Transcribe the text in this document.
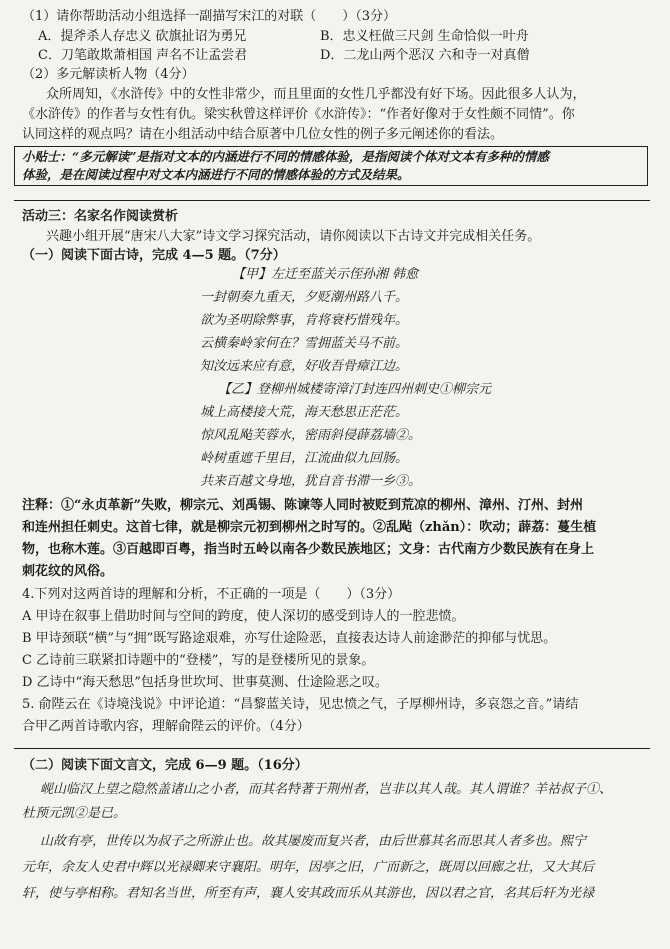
（1）请你帮助活动小组选择一副描写宋江的对联（　　）（3分）
A．提斧杀人存忠义 砍旗扯诏为勇兄	B．忠义枉做三尺剑 生命恰似一叶舟
C．刀笔敢欺萧相国 声名不让孟尝君	D．二龙山两个恶汉 六和寺一对真僧
（2）多元解读析人物（4分）
众所周知，《水浒传》中的女性非常少，而且里面的女性几乎都没有好下场。因此很多人认为，
《水浒传》的作者与女性有仇。梁实秋曾这样评价《水浒传》：“作者好像对于女性颇不同情”。你
认同这样的观点吗？请在小组活动中结合原著中几位女性的例子多元阐述你的看法。
小贴士：“多元解读”是指对文本的内涵进行不同的情感体验，是指阅读个体对文本有多种的情感
体验，是在阅读过程中对文本内涵进行不同的情感体验的方式及结果。
活动三：名家名作阅读赏析
兴趣小组开展“唐宋八大家”诗文学习探究活动，请你阅读以下古诗文并完成相关任务。
（一）阅读下面古诗，完成 4—5 题。（7分）
【甲】左迁至蓝关示侄孙湘 韩愈
一封朝奏九重天，夕贬潮州路八千。
欲为圣明除弊事，肯将衰朽惜残年。
云横秦岭家何在？雪拥蓝关马不前。
知汝远来应有意，好收吾骨瘴江边。
【乙】登柳州城楼寄漳汀封连四州刺史①柳宗元
城上高楼接大荒，海天愁思正茫茫。
惊风乱飐芙蓉水，密雨斜侵薜荔墙②。
岭树重遮千里目，江流曲似九回肠。
共来百越文身地，犹自音书滞一乡③。
注释：①“永贞革新”失败，柳宗元、刘禹锡、陈谏等人同时被贬到荒凉的柳州、漳州、汀州、封州
和连州担任刺史。这首七律，就是柳宗元初到柳州之时写的。②乱飐（zhǎn）：吹动；薜荔：蔓生植
物，也称木莲。③百越即百粤，指当时五岭以南各少数民族地区；文身：古代南方少数民族有在身上
刺花纹的风俗。
4.下列对这两首诗的理解和分析，不正确的一项是（　　）（3分）
A 甲诗在叙事上借助时间与空间的跨度，使人深切的感受到诗人的一腔悲愤。
B 甲诗颈联“横”与“拥”既写路途艰难，亦写仕途险恶，直接表达诗人前途渺茫的抑郁与忧思。
C 乙诗前三联紧扣诗题中的“登楼”，写的是登楼所见的景象。
D 乙诗中“海天愁思”包括身世坎坷、世事莫测、仕途险恶之叹。
5. 俞陛云在《诗境浅说》中评论道：“昌黎蓝关诗，见忠愤之气，子厚柳州诗，多哀怨之音。”请结
合甲乙两首诗歌内容，理解俞陛云的评价。（4分）
（二）阅读下面文言文，完成 6—9 题。（16分）
岘山临汉上望之隐然盖诸山之小者，而其名特著于荆州者，岂非以其人哉。其人谓谁？羊祜叔子①、
杜预元凯②是已。
山故有亭，世传以为叔子之所游止也。故其屡废而复兴者，由后世慕其名而思其人者多也。熙宁
元年，余友人史君中辉以光禄卿来守襄阳。明年，因亭之旧，广而新之，既周以回廊之壮，又大其后
轩，使与亭相称。君知名当世，所至有声，襄人安其政而乐从其游也，因以君之官，名其后轩为光禄
